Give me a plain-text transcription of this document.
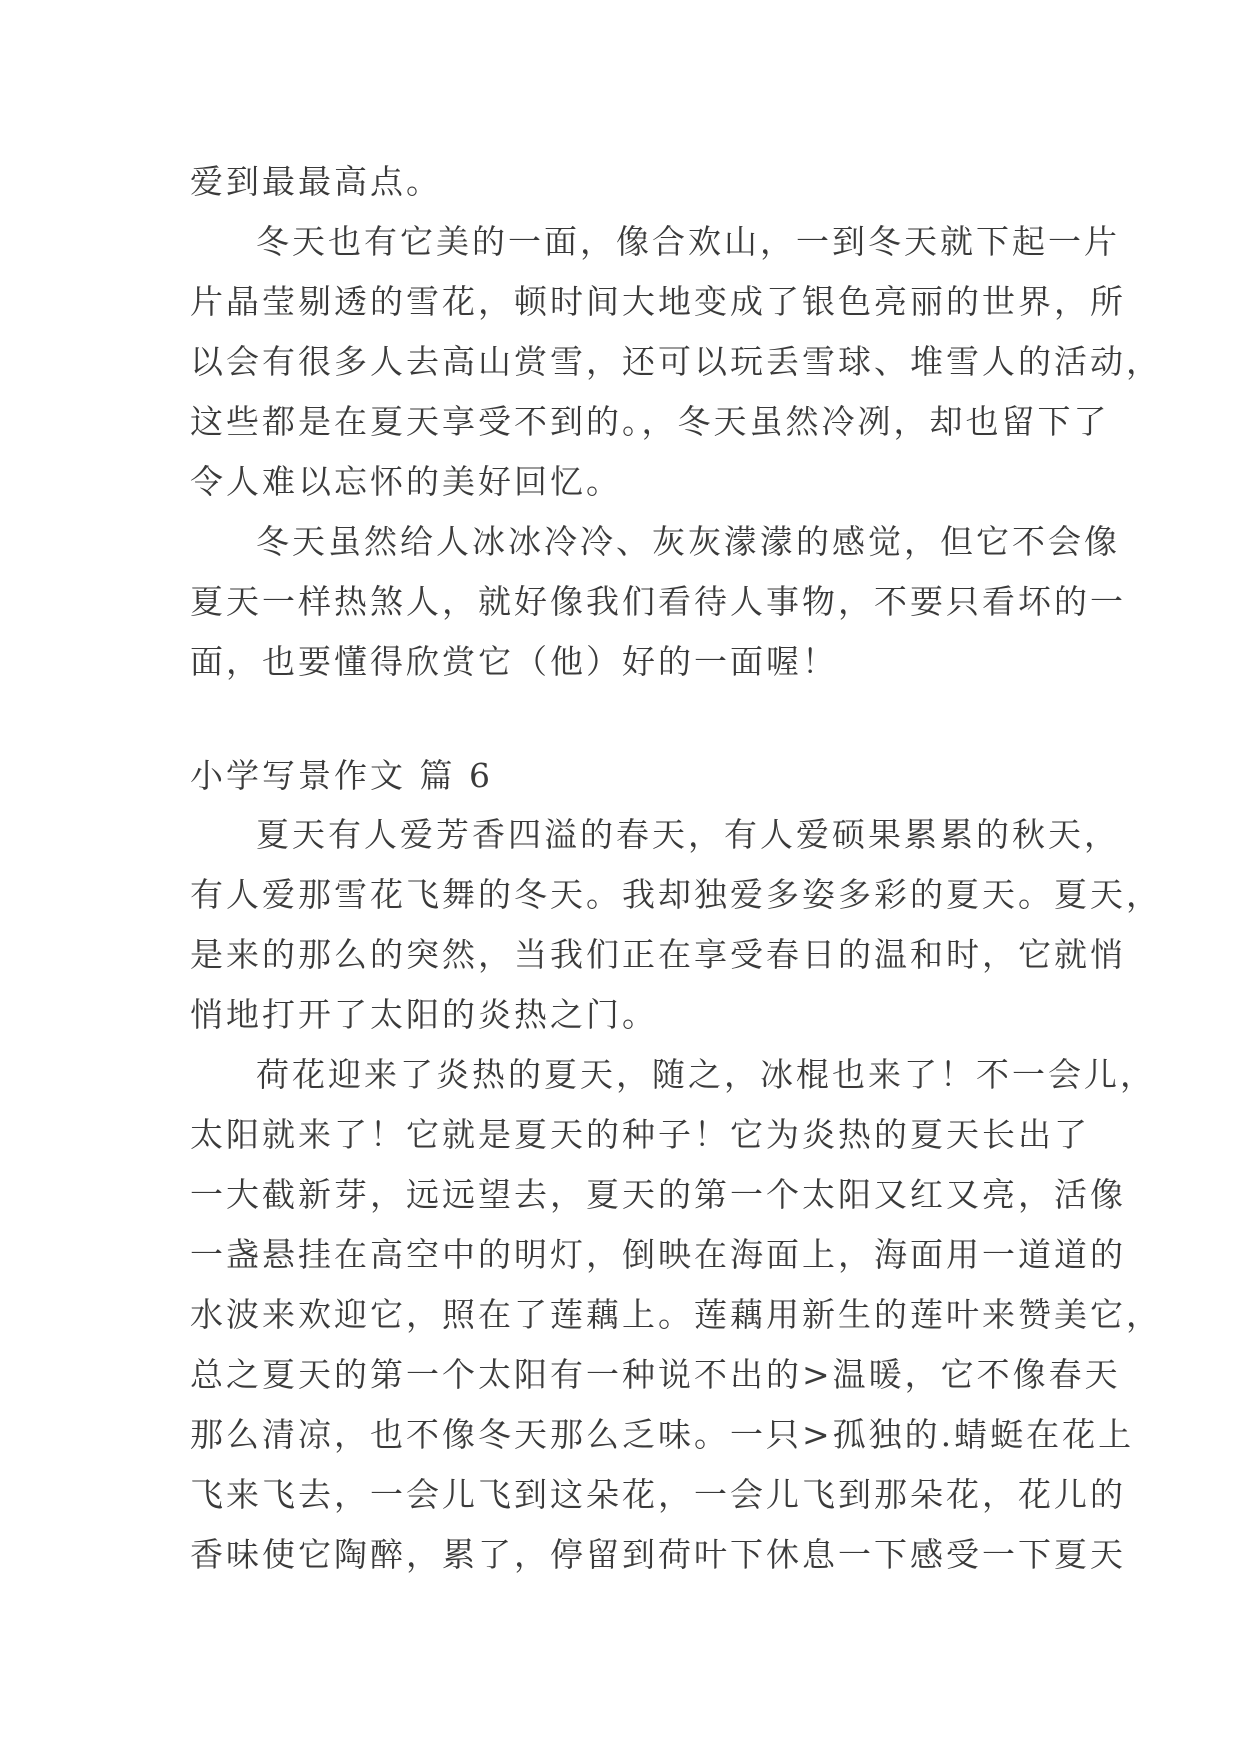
爱到最最高点。

冬天也有它美的一面，像合欢山，一到冬天就下起一片

片晶莹剔透的雪花，顿时间大地变成了银色亮丽的世界，所

以会有很多人去高山赏雪，还可以玩丢雪球、堆雪人的活动，

这些都是在夏天享受不到的。，冬天虽然冷冽，却也留下了

令人难以忘怀的美好回忆。

冬天虽然给人冰冰冷冷、灰灰濛濛的感觉，但它不会像

夏天一样热煞人，就好像我们看待人事物，不要只看坏的一

面，也要懂得欣赏它（他）好的一面喔！

小学写景作文 篇 6

夏天有人爱芳香四溢的春天，有人爱硕果累累的秋天，

有人爱那雪花飞舞的冬天。我却独爱多姿多彩的夏天。夏天，

是来的那么的突然，当我们正在享受春日的温和时，它就悄

悄地打开了太阳的炎热之门。

荷花迎来了炎热的夏天，随之，冰棍也来了！不一会儿，

太阳就来了！它就是夏天的种子！它为炎热的夏天长出了

一大截新芽，远远望去，夏天的第一个太阳又红又亮，活像

一盏悬挂在高空中的明灯，倒映在海面上，海面用一道道的

水波来欢迎它，照在了莲藕上。莲藕用新生的莲叶来赞美它，

总之夏天的第一个太阳有一种说不出的>温暖，它不像春天

那么清凉，也不像冬天那么乏味。一只>孤独的.蜻蜓在花上

飞来飞去，一会儿飞到这朵花，一会儿飞到那朵花，花儿的

香味使它陶醉，累了，停留到荷叶下休息一下感受一下夏天
